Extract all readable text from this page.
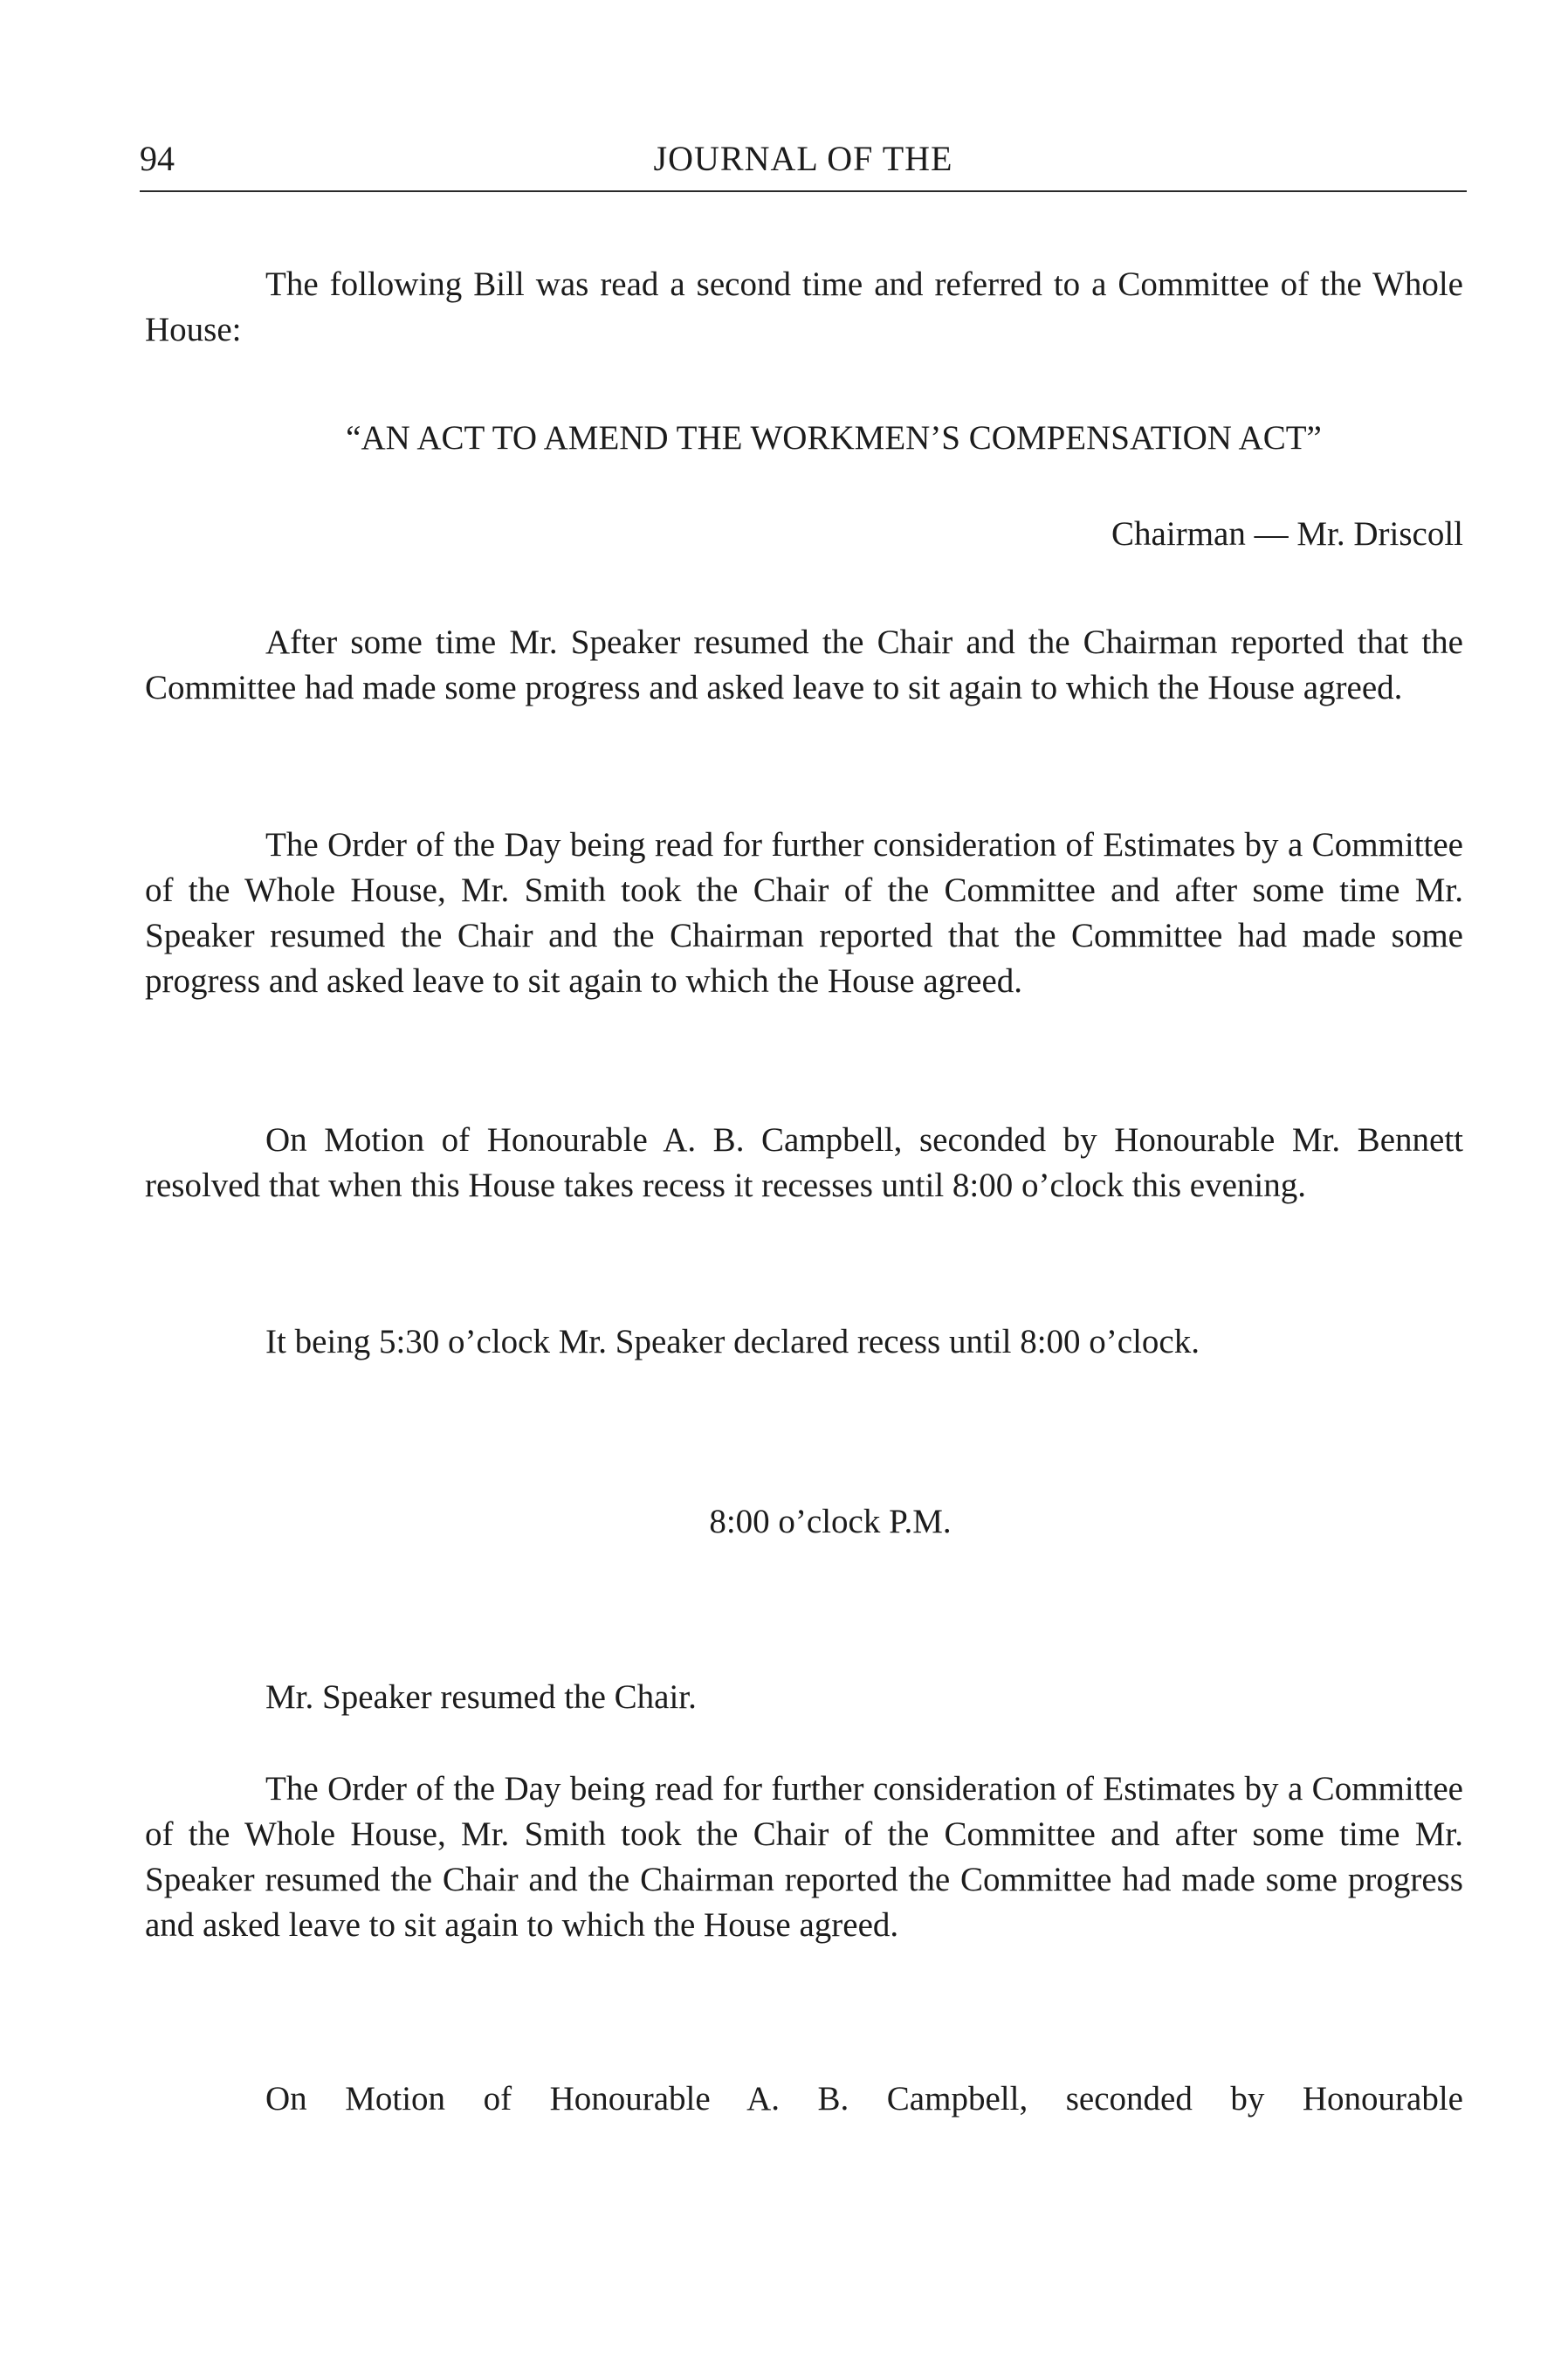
94	JOURNAL OF THE

The following Bill was read a second time and referred to a Committee of the Whole House:

“AN ACT TO AMEND THE WORKMEN’S COMPENSATION ACT”

Chairman — Mr. Driscoll

After some time Mr. Speaker resumed the Chair and the Chairman reported that the Committee had made some progress and asked leave to sit again to which the House agreed.

The Order of the Day being read for further consideration of Estimates by a Committee of the Whole House, Mr. Smith took the Chair of the Committee and after some time Mr. Speaker resumed the Chair and the Chairman reported that the Committee had made some progress and asked leave to sit again to which the House agreed.

On Motion of Honourable A. B. Campbell, seconded by Honourable Mr. Bennett resolved that when this House takes recess it recesses until 8:00 o’clock this evening.

It being 5:30 o’clock Mr. Speaker declared recess until 8:00 o’clock.

8:00 o’clock P.M.

Mr. Speaker resumed the Chair.

The Order of the Day being read for further consideration of Estimates by a Committee of the Whole House, Mr. Smith took the Chair of the Committee and after some time Mr. Speaker resumed the Chair and the Chairman reported the Committee had made some progress and asked leave to sit again to which the House agreed.

On Motion of Honourable A. B. Campbell, seconded by Honourable
